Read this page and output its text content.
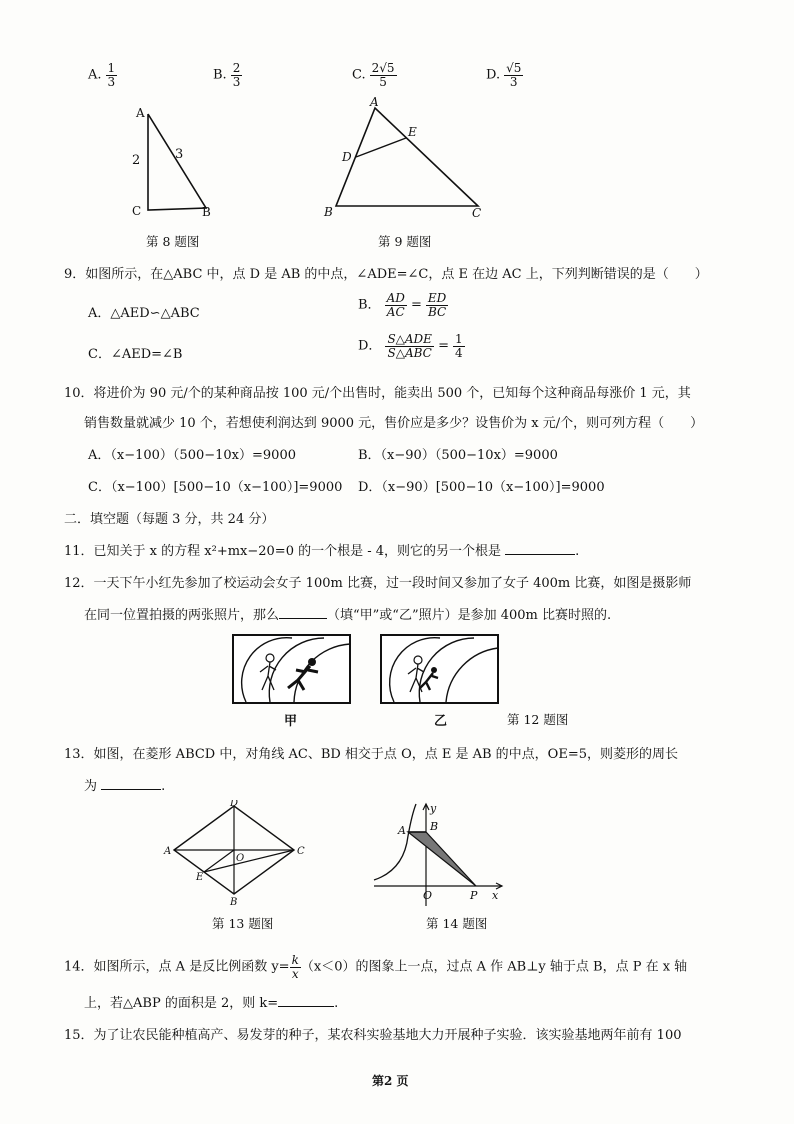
A. $\frac{1}{3}$	B. $\frac{2}{3}$	C. $\frac{2√5}{5}$	D. $\frac{√5}{3}$
A
2	3
C	B
第 8 题图
A
E
D
B	C
第 9 题图
9．如图所示，在△ABC 中，点 D 是 AB 的中点，∠ADE=∠C，点 E 在边 AC 上，下列判断错误的是（　　）
A．△AED∽△ABC
B． $\frac{AD}{AC} = \frac{ED}{BC}$
C．∠AED=∠B
D． $\frac{\text{S△ADE}}{\text{S△ABC}} = \frac{1}{4}$
10．将进价为 90 元/个的某种商品按 100 元/个出售时，能卖出 500 个，已知每个这种商品每涨价 1 元，其
销售数量就减少 10 个，若想使利润达到 9000 元，售价应是多少？设售价为 x 元/个，则可列方程（　　）
A．（x−100）（500−10x）=9000	B．（x−90）（500−10x）=9000
C．（x−100）[500−10（x−100）]=9000 D．（x−90）[500−10（x−100）]=9000
二．填空题（每题 3 分，共 24 分）
11．已知关于 x 的方程 x²+mx−20=0 的一个根是 - 4，则它的另一个根是	.
12．一天下午小红先参加了校运动会女子 100m 比赛，过一段时间又参加了女子 400m 比赛，如图是摄影师
在同一位置拍摄的两张照片，那么	（填“甲”或“乙”照片）是参加 400m 比赛时照的.
甲	乙	第 12 题图
13．如图，在菱形 ABCD 中，对角线 AC、BD 相交于点 O，点 E 是 AB 的中点，OE=5，则菱形的周长
为	.
D
A	C
O
E
B
第 13 题图
y
A B
O	P x
第 14 题图
14．如图所示，点 A 是反比例函数 $y= \frac{k}{x} (x<0)$的图象上一点，过点 A 作 AB⊥y 轴于点 B，点 P 在 x 轴
上，若△ABP 的面积是 2，则 k=	.
15．为了让农民能种植高产、易发芽的种子，某农科实验基地大力开展种子实验．该实验基地两年前有 100
第2 页
